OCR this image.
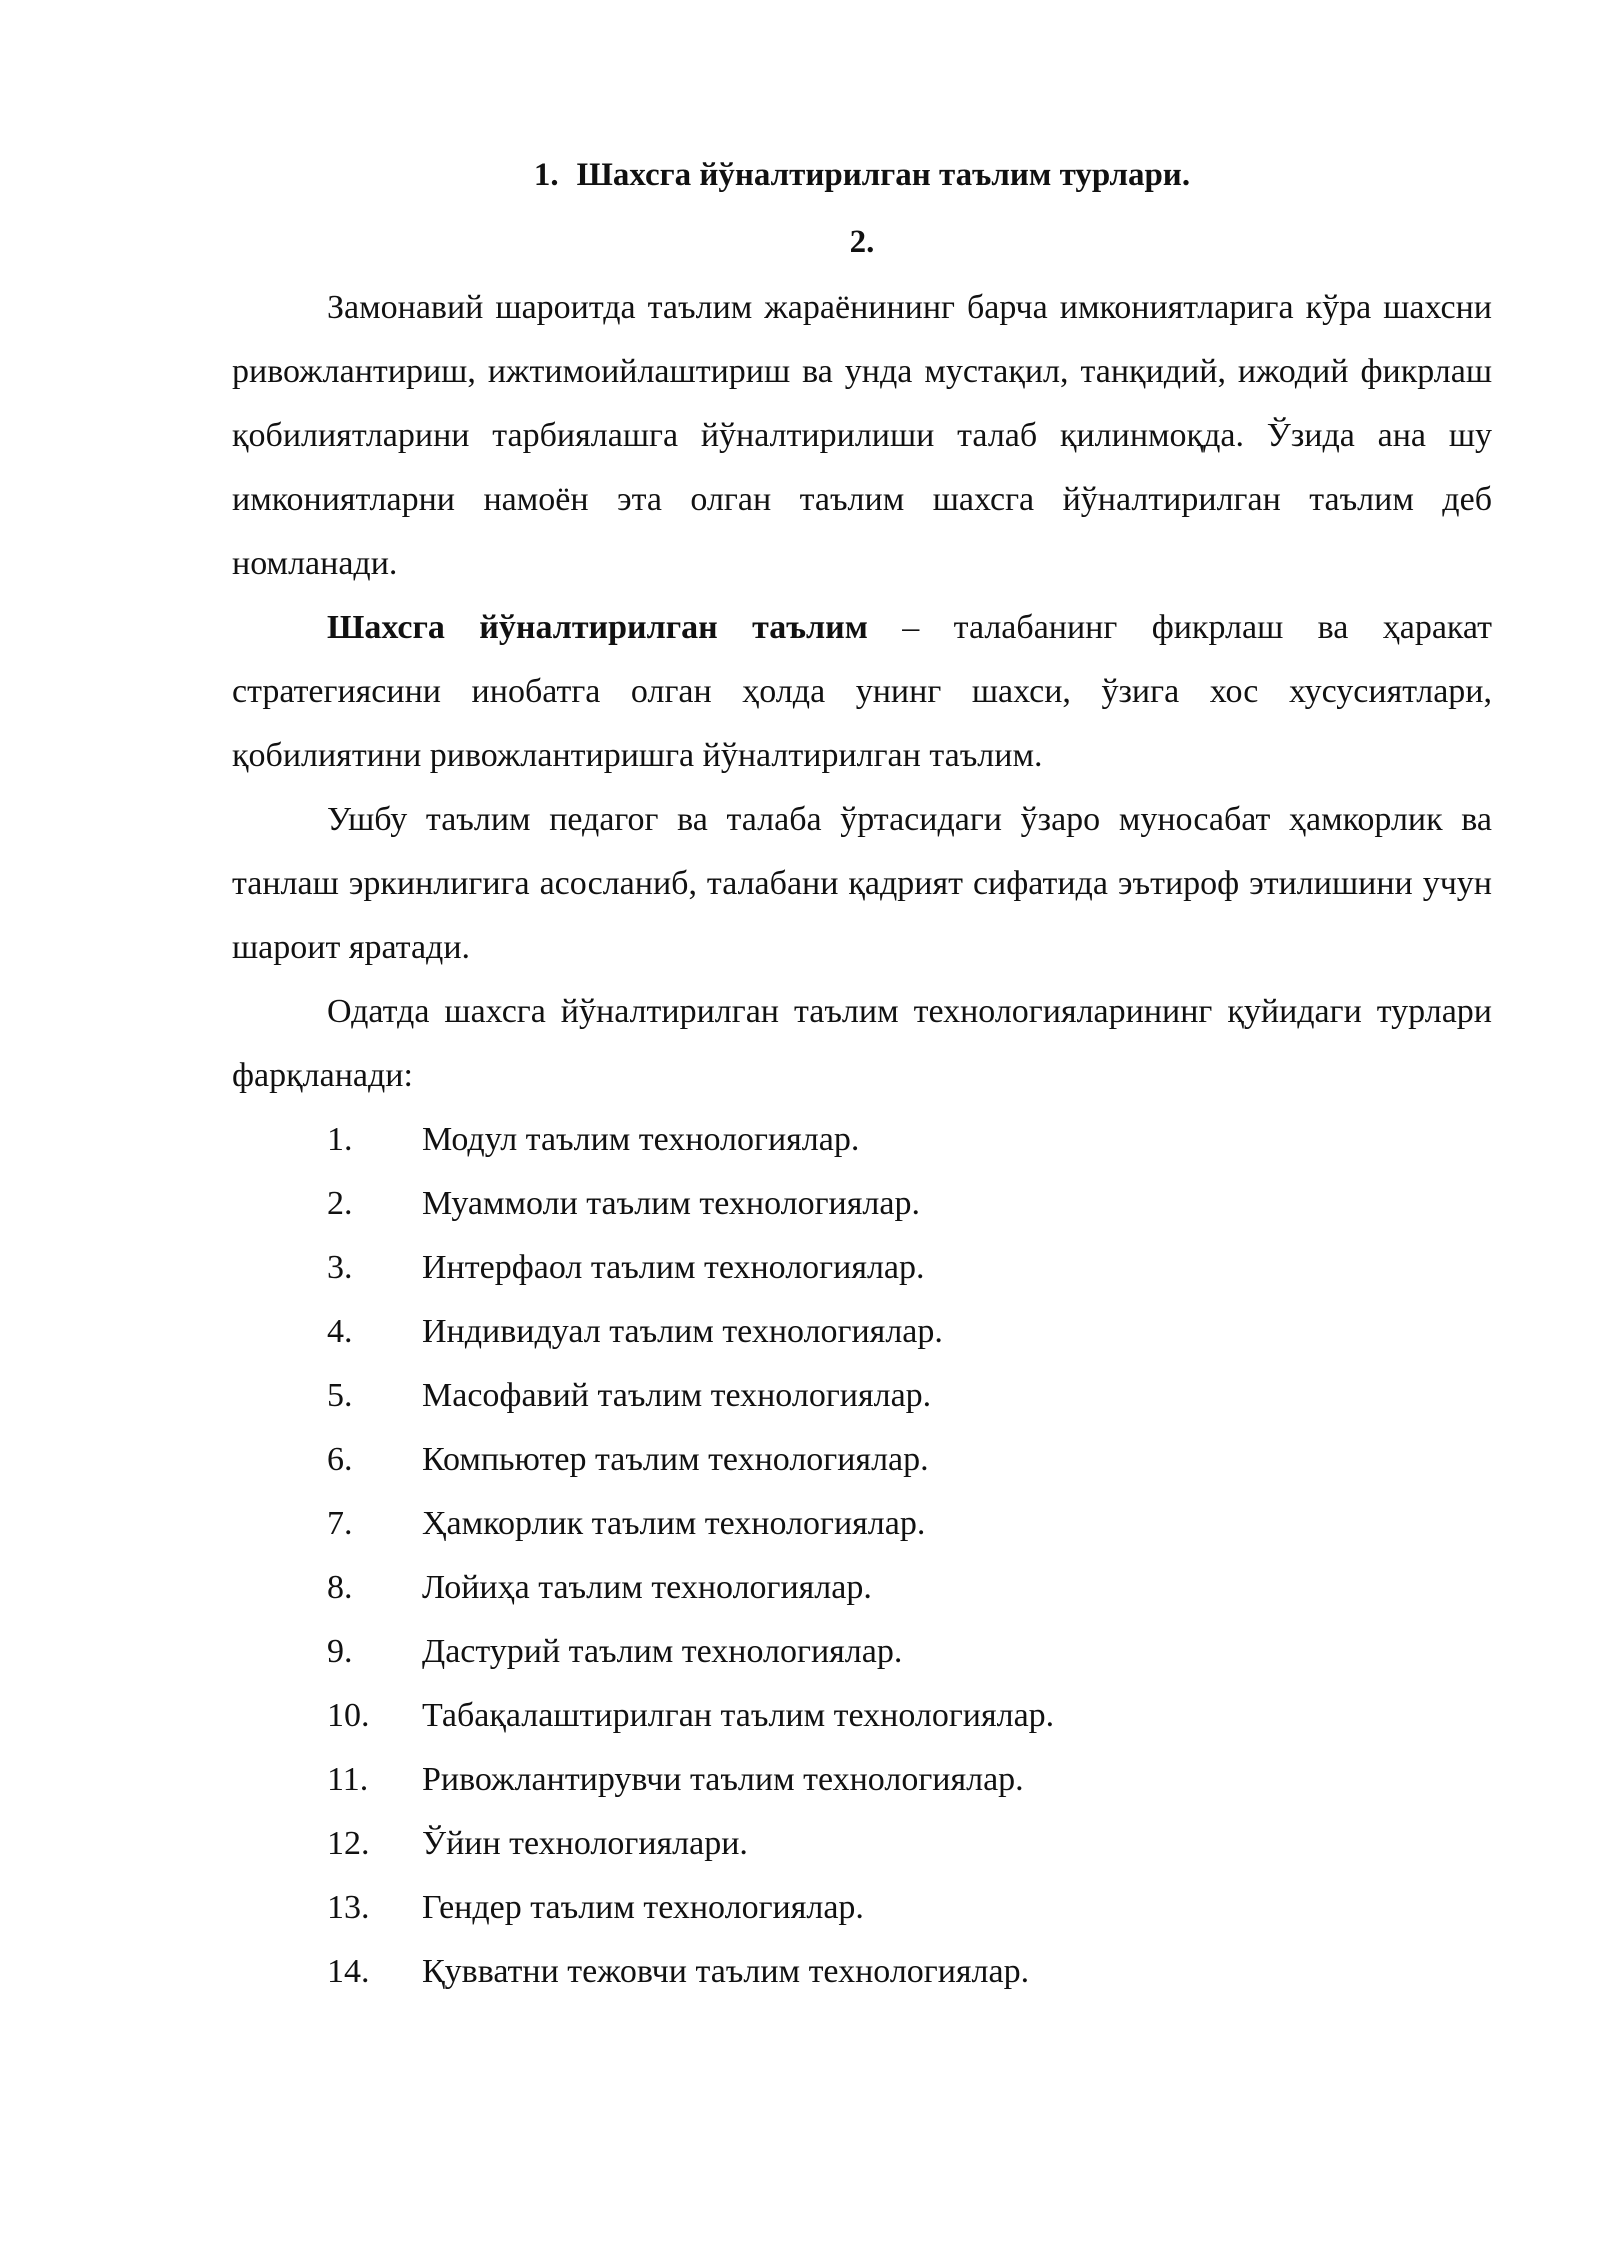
1. Шахсга йўналтирилган таълим турлари.
2.

Замонавий шароитда таълим жараёнининг барча имкониятларига кўра шахсни ривожлантириш, ижтимоийлаштириш ва унда мустақил, танқидий, ижодий фикрлаш қобилиятларини тарбиялашга йўналтирилиши талаб қилинмоқда. Ўзида ана шу имкониятларни намоён эта олган таълим шахсга йўналтирилган таълим деб номланади.

Шахсга йўналтирилган таълим – талабанинг фикрлаш ва ҳаракат стратегиясини инобатга олган ҳолда унинг шахси, ўзига хос хусусиятлари, қобилиятини ривожлантиришга йўналтирилган таълим.

Ушбу таълим педагог ва талаба ўртасидаги ўзаро муносабат ҳамкорлик ва танлаш эркинлигига асосланиб, талабани қадрият сифатида эътироф этилишини учун шароит яратади.

Одатда шахсга йўналтирилган таълим технологияларининг қуйидаги турлари фарқланади:

1. Модул таълим технологиялар.
2. Муаммоли таълим технологиялар.
3. Интерфаол таълим технологиялар.
4. Индивидуал таълим технологиялар.
5. Масофавий таълим технологиялар.
6. Компьютер таълим технологиялар.
7. Ҳамкорлик таълим технологиялар.
8. Лойиҳа таълим технологиялар.
9. Дастурий таълим технологиялар.
10. Табақалаштирилган таълим технологиялар.
11. Ривожлантирувчи таълим технологиялар.
12. Ўйин технологиялари.
13. Гендер таълим технологиялар.
14. Қувватни тежовчи таълим технологиялар.
